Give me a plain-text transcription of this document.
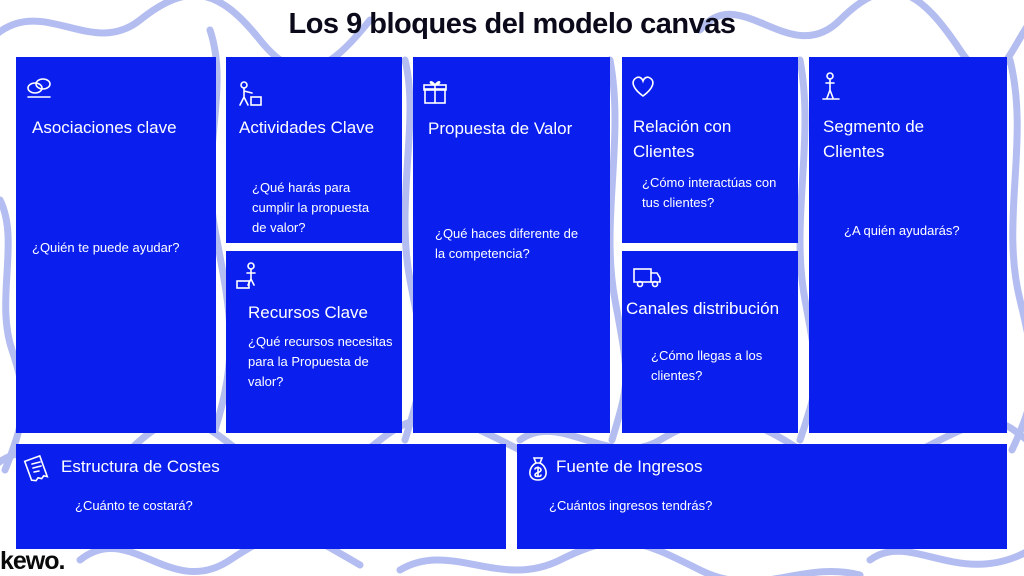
Los 9 bloques del modelo canvas
Asociaciones clave
¿Quién te puede ayudar?
Actividades Clave
¿Qué harás para cumplir la propuesta de valor?
Recursos Clave
¿Qué recursos necesitas para la Propuesta de valor?
Propuesta de Valor
¿Qué haces diferente de la competencia?
Relación con Clientes
¿Cómo interactúas con tus clientes?
Canales distribución
¿Cómo llegas a los clientes?
Segmento de Clientes
¿A quién ayudarás?
Estructura de Costes
¿Cuánto te costará?
Fuente de Ingresos
¿Cuántos ingresos tendrás?
kewo.
